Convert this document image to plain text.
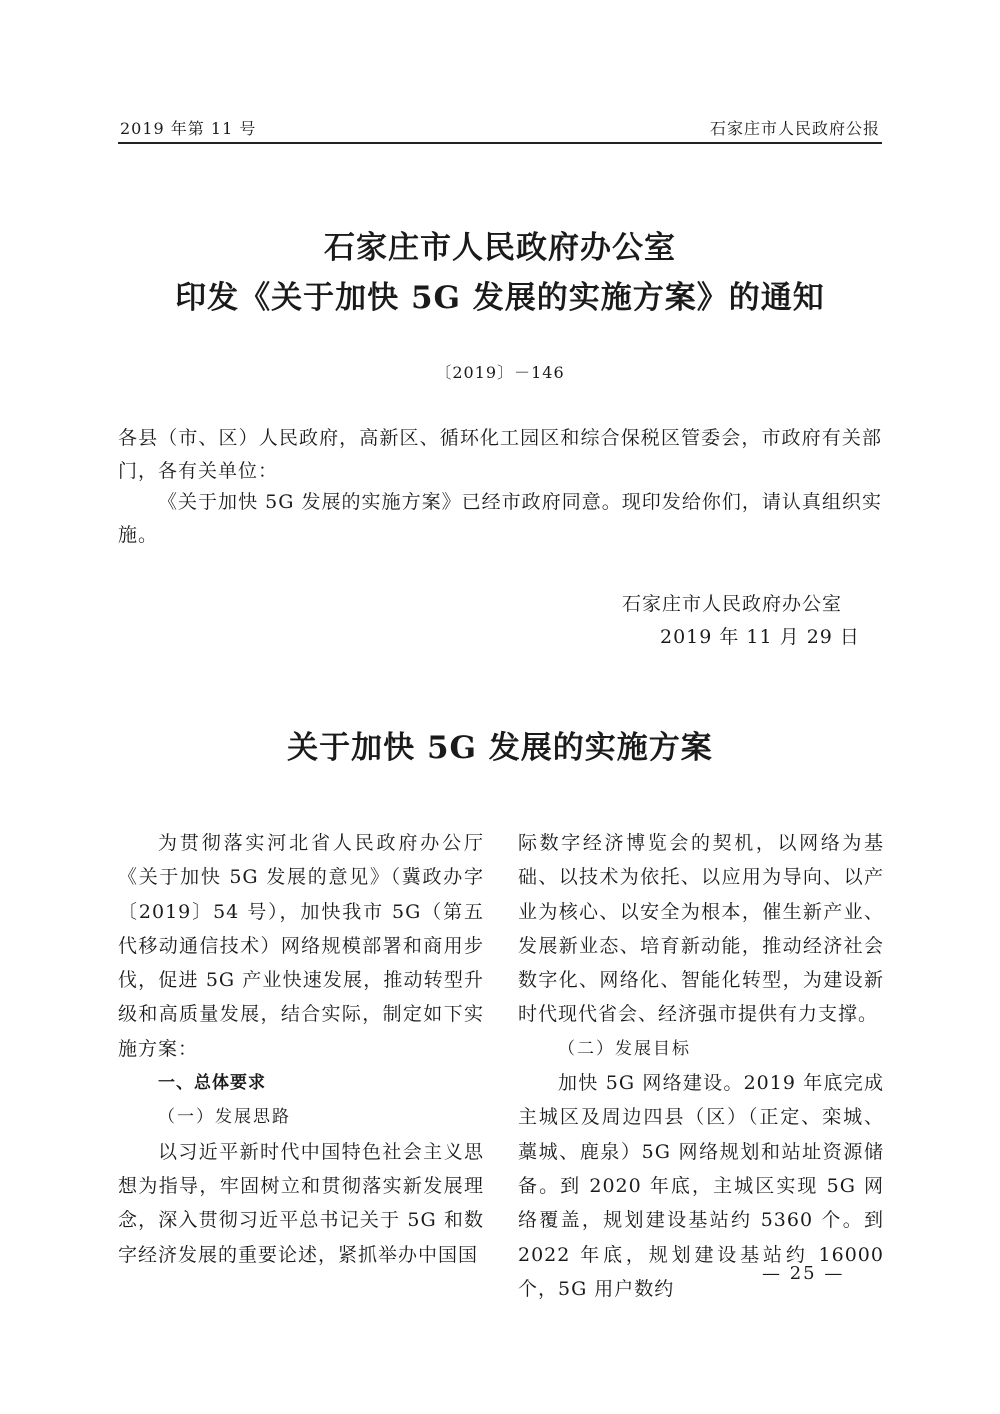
2019 年第 11 号	石家庄市人民政府公报
石家庄市人民政府办公室
印发《关于加快 5G 发展的实施方案》的通知
〔2019〕－146
各县（市、区）人民政府，高新区、循环化工园区和综合保税区管委会，市政府有关部门，各有关单位：
《关于加快 5G 发展的实施方案》已经市政府同意。现印发给你们，请认真组织实施。
石家庄市人民政府办公室
2019 年 11 月 29 日
关于加快 5G 发展的实施方案

为贯彻落实河北省人民政府办公厅《关于加快 5G 发展的意见》（冀政办字〔2019〕54 号），加快我市 5G（第五代移动通信技术）网络规模部署和商用步伐，促进 5G 产业快速发展，推动转型升级和高质量发展，结合实际，制定如下实施方案：

一、总体要求

（一）发展思路

以习近平新时代中国特色社会主义思想为指导，牢固树立和贯彻落实新发展理念，深入贯彻习近平总书记关于 5G 和数字经济发展的重要论述，紧抓举办中国国

际数字经济博览会的契机，以网络为基础、以技术为依托、以应用为导向、以产业为核心、以安全为根本，催生新产业、发展新业态、培育新动能，推动经济社会数字化、网络化、智能化转型，为建设新时代现代省会、经济强市提供有力支撑。

（二）发展目标

加快 5G 网络建设。2019 年底完成主城区及周边四县（区）（正定、栾城、藁城、鹿泉）5G 网络规划和站址资源储备。到 2020 年底，主城区实现 5G 网络覆盖，规划建设基站约 5360 个。到 2022 年底，规划建设基站约 16000 个，5G 用户数约

— 25 —
